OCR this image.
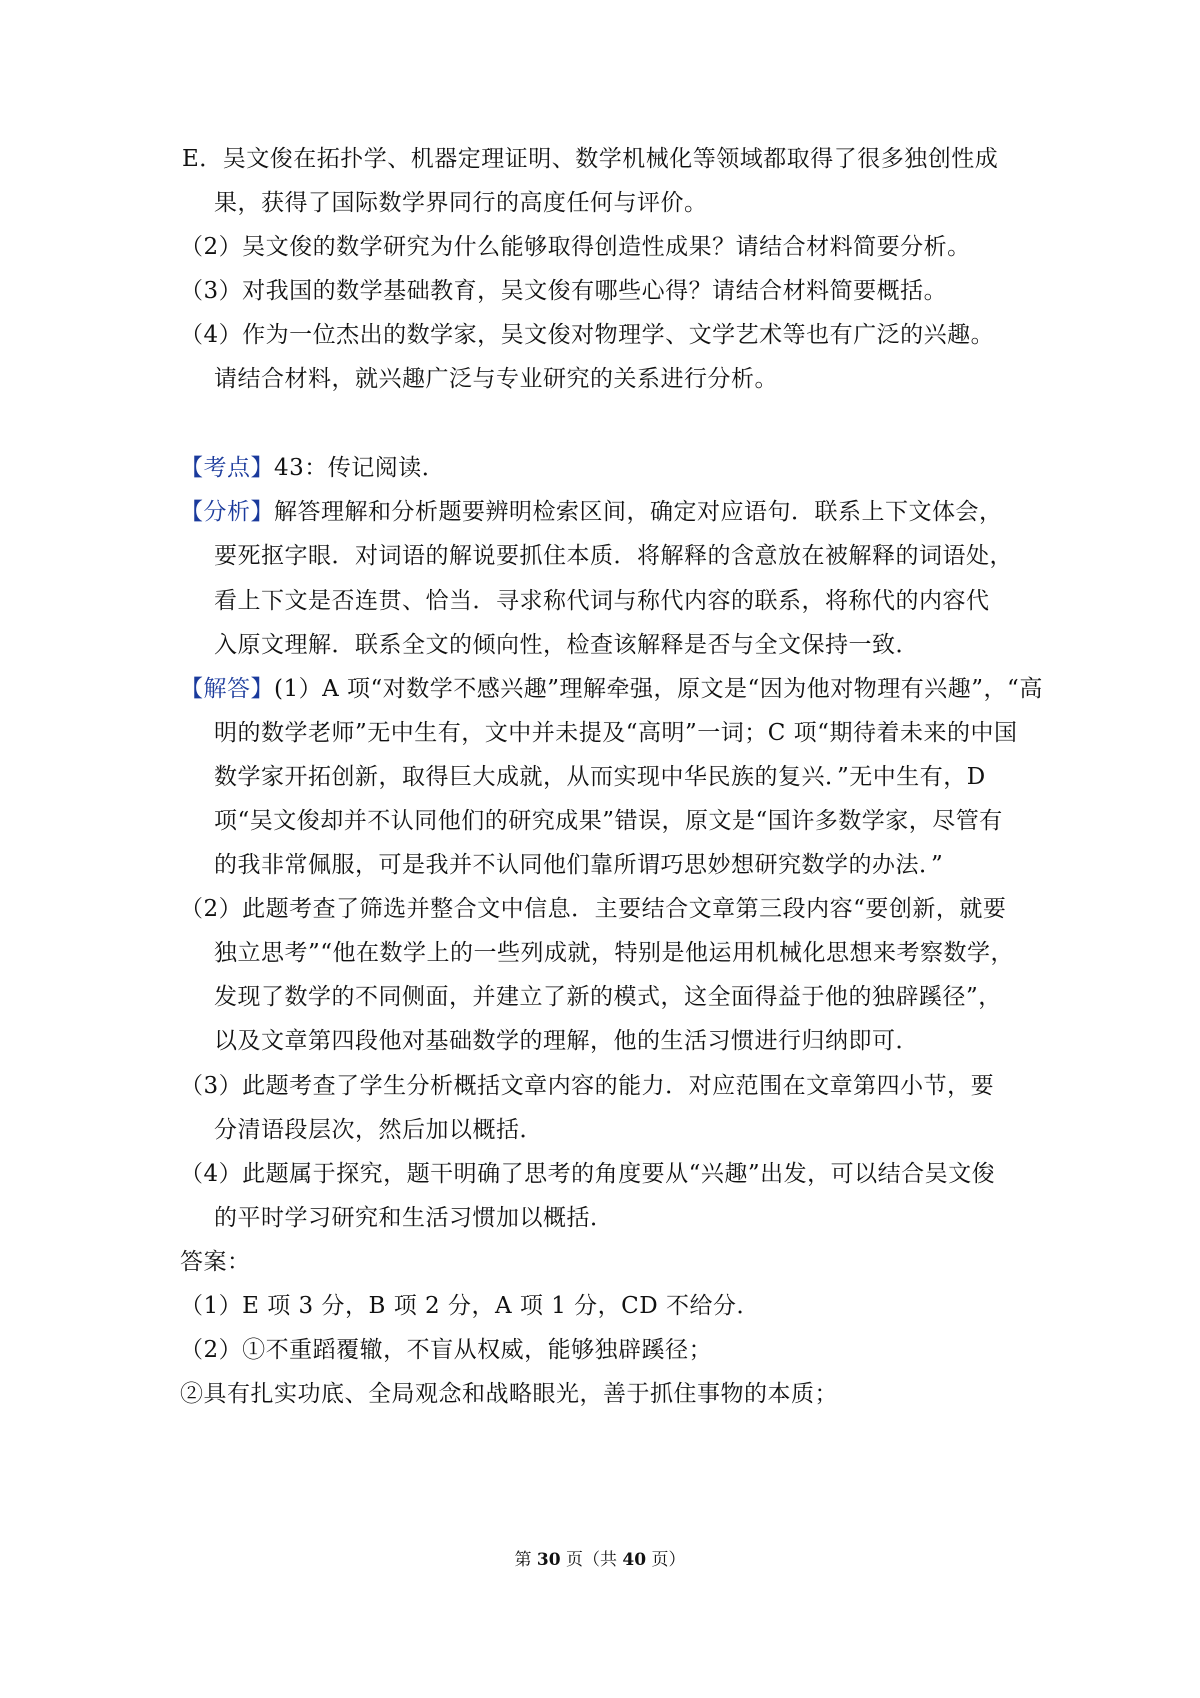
E．吴文俊在拓扑学、机器定理证明、数学机械化等领域都取得了很多独创性成
果，获得了国际数学界同行的高度任何与评价。
（2）吴文俊的数学研究为什么能够取得创造性成果？请结合材料简要分析。
（3）对我国的数学基础教育，吴文俊有哪些心得？请结合材料简要概括。
（4）作为一位杰出的数学家，吴文俊对物理学、文学艺术等也有广泛的兴趣。
请结合材料，就兴趣广泛与专业研究的关系进行分析。
【考点】43：传记阅读．
【分析】解答理解和分析题要辨明检索区间，确定对应语句．联系上下文体会，
要死抠字眼．对词语的解说要抓住本质．将解释的含意放在被解释的词语处，
看上下文是否连贯、恰当．寻求称代词与称代内容的联系，将称代的内容代
入原文理解．联系全文的倾向性，检查该解释是否与全文保持一致．
【解答】(1）A 项“对数学不感兴趣”理解牵强，原文是“因为他对物理有兴趣”，“高
明的数学老师”无中生有，文中并未提及“高明”一词；C 项“期待着未来的中国
数学家开拓创新，取得巨大成就，从而实现中华民族的复兴．”无中生有，D
项“吴文俊却并不认同他们的研究成果”错误，原文是“国许多数学家，尽管有
的我非常佩服，可是我并不认同他们靠所谓巧思妙想研究数学的办法．”
（2）此题考查了筛选并整合文中信息．主要结合文章第三段内容“要创新，就要
独立思考”“他在数学上的一些列成就，特别是他运用机械化思想来考察数学，
发现了数学的不同侧面，并建立了新的模式，这全面得益于他的独辟蹊径”，
以及文章第四段他对基础数学的理解，他的生活习惯进行归纳即可．
（3）此题考查了学生分析概括文章内容的能力．对应范围在文章第四小节，要
分清语段层次，然后加以概括．
（4）此题属于探究，题干明确了思考的角度要从“兴趣”出发，可以结合吴文俊
的平时学习研究和生活习惯加以概括．
答案：
（1）E 项 3 分，B 项 2 分，A 项 1 分，CD 不给分．
（2）①不重蹈覆辙，不盲从权威，能够独辟蹊径；
②具有扎实功底、全局观念和战略眼光，善于抓住事物的本质；
第 30 页（共 40 页）
